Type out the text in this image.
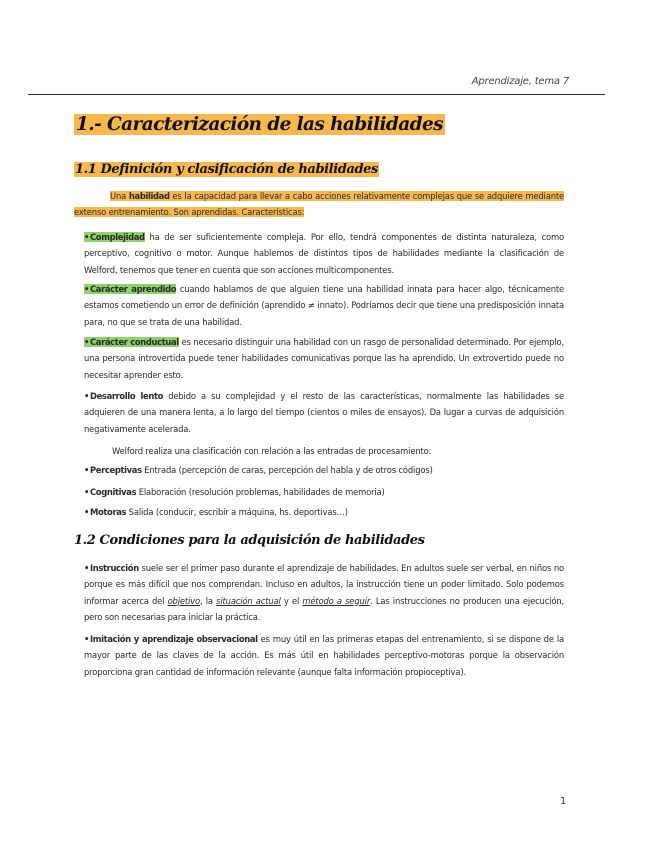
Aprendizaje, tema 7
1.- Caracterización de las habilidades
1.1 Definición y clasificación de habilidades

Una habilidad es la capacidad para llevar a cabo acciones relativamente complejas que se adquiere mediante extenso entrenamiento. Son aprendidas. Características:

•Complejidad ha de ser suficientemente compleja. Por ello, tendrá componentes de distinta naturaleza, como perceptivo, cognitivo o motor. Aunque hablemos de distintos tipos de habilidades mediante la clasificación de Welford, tenemos que tener en cuenta que son acciones multicomponentes.

•Carácter aprendido cuando hablamos de que alguien tiene una habilidad innata para hacer algo, técnicamente estamos cometiendo un error de definición (aprendido ≠ innato). Podríamos decir que tiene una predisposición innata para, no que se trata de una habilidad.

•Carácter conductual es necesario distinguir una habilidad con un rasgo de personalidad determinado. Por ejemplo, una persona introvertida puede tener habilidades comunicativas porque las ha aprendido. Un extrovertido puede no necesitar aprender esto.

•Desarrollo lento debido a su complejidad y el resto de las características, normalmente las habilidades se adquieren de una manera lenta, a lo largo del tiempo (cientos o miles de ensayos). Da lugar a curvas de adquisición negativamente acelerada.

Welford realiza una clasificación con relación a las entradas de procesamiento:

•Perceptivas Entrada (percepción de caras, percepción del habla y de otros códigos)

•Cognitivas Elaboración (resolución problemas, habilidades de memoria)

•Motoras Salida (conducir, escribir a máquina, hs. deportivas…)

1.2 Condiciones para la adquisición de habilidades

•Instrucción suele ser el primer paso durante el aprendizaje de habilidades. En adultos suele ser verbal, en niños no porque es más difícil que nos comprendan. Incluso en adultos, la instrucción tiene un poder limitado. Solo podemos informar acerca del objetivo, la situación actual y el método a seguir. Las instrucciones no producen una ejecución, pero son necesarias para iniciar la práctica.

•Imitación y aprendizaje observacional es muy útil en las primeras etapas del entrenamiento, si se dispone de la mayor parte de las claves de la acción. Es más útil en habilidades perceptivo-motoras porque la observación proporciona gran cantidad de información relevante (aunque falta información propioceptiva).

1
